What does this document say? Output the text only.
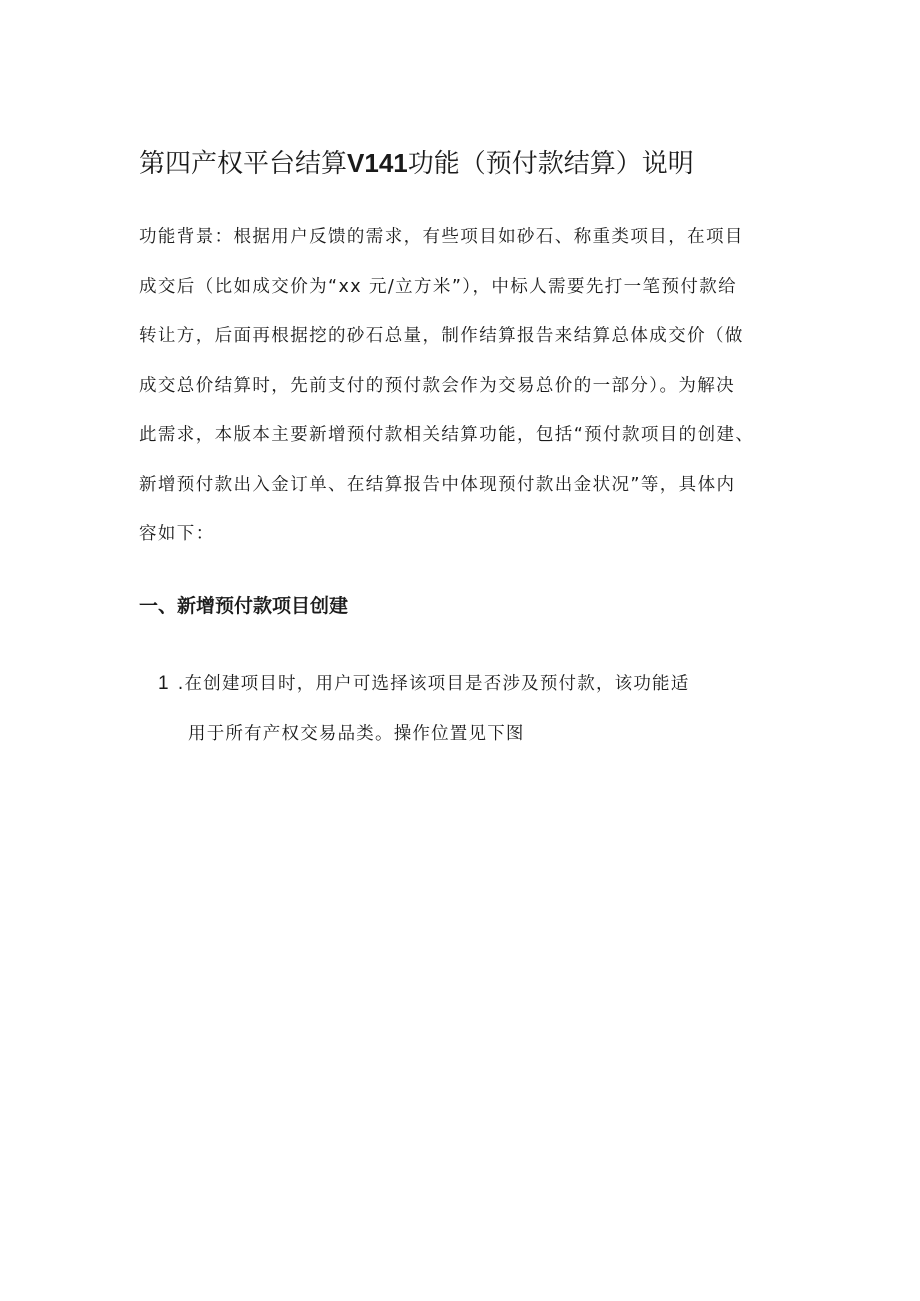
第四产权平台结算V141功能（预付款结算）说明

功能背景：根据用户反馈的需求，有些项目如砂石、称重类项目，在项目
成交后（比如成交价为“xx 元/立方米”），中标人需要先打一笔预付款给
转让方，后面再根据挖的砂石总量，制作结算报告来结算总体成交价（做
成交总价结算时，先前支付的预付款会作为交易总价的一部分）。为解决
此需求，本版本主要新增预付款相关结算功能，包括“预付款项目的创建、
新增预付款出入金订单、在结算报告中体现预付款出金状况”等，具体内
容如下：

一、新增预付款项目创建
1 .在创建项目时，用户可选择该项目是否涉及预付款，该功能适
用于所有产权交易品类。操作位置见下图
